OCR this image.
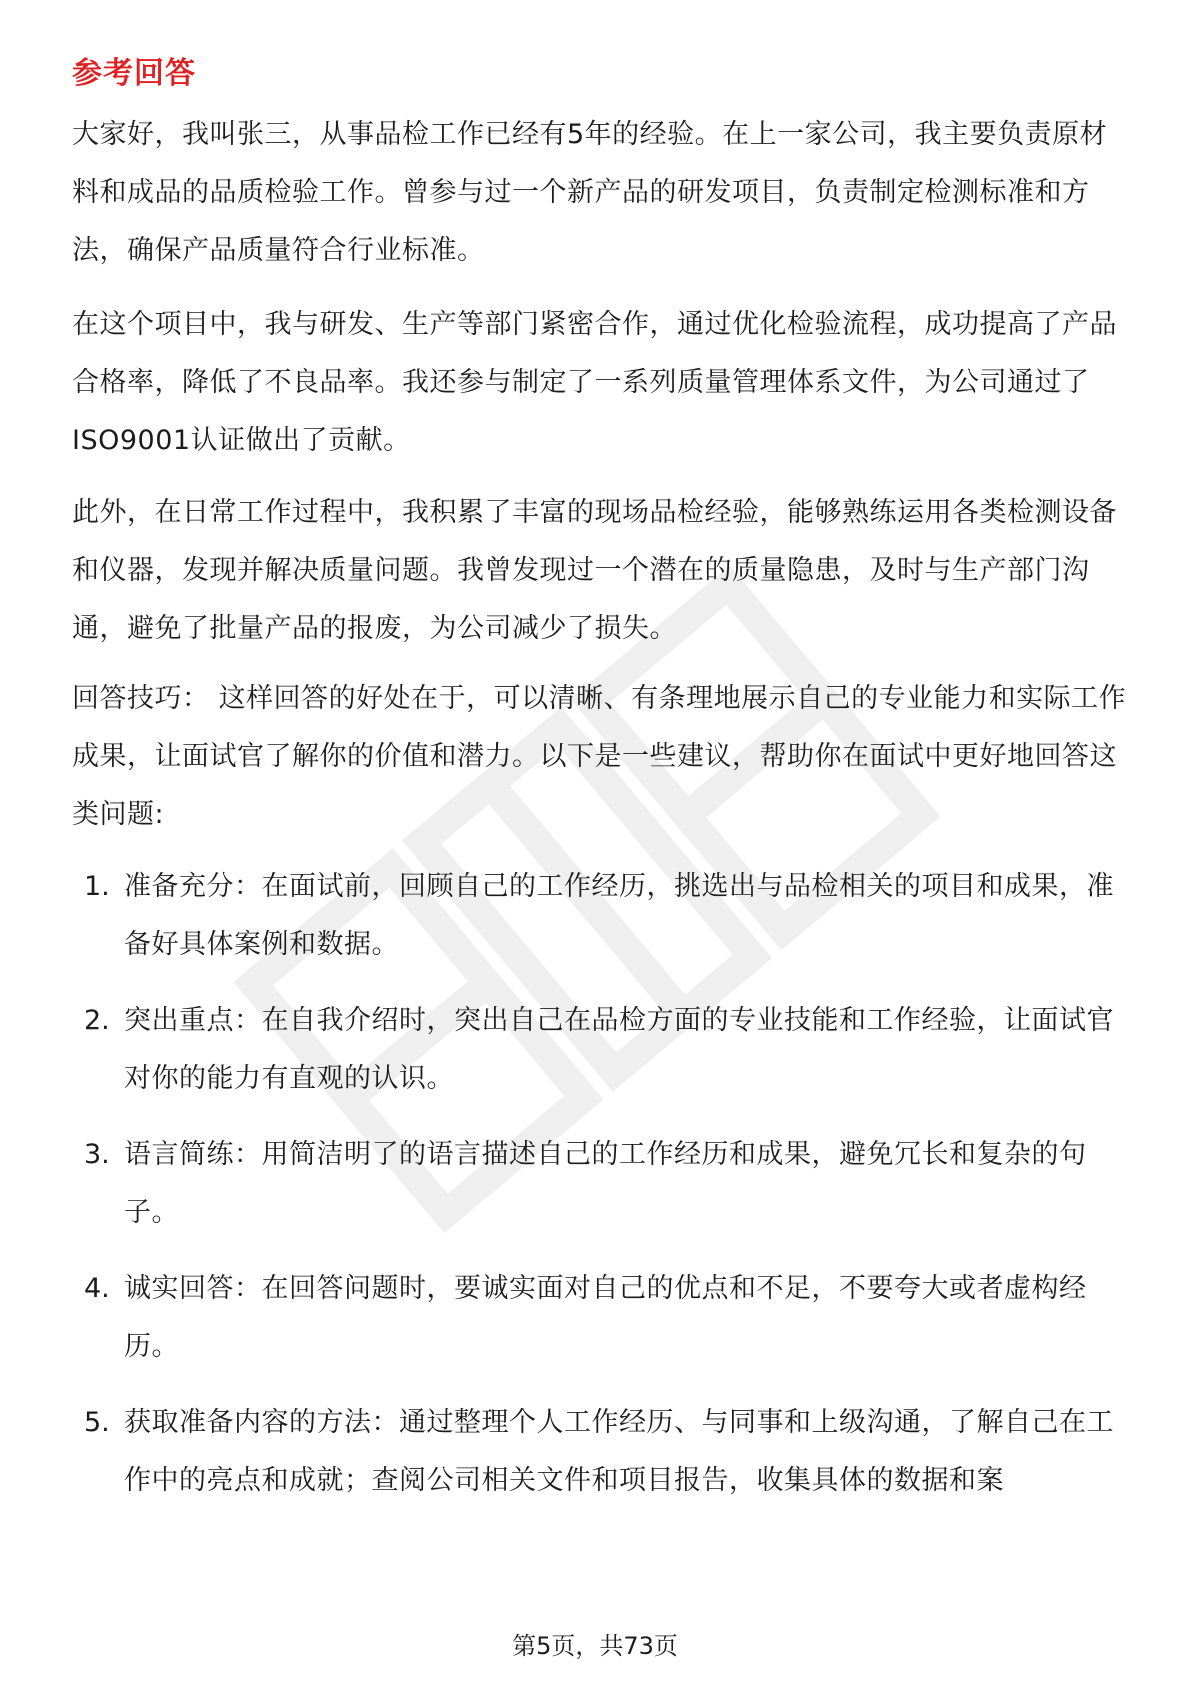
参考回答
大家好，我叫张三，从事品检工作已经有5年的经验。在上一家公司，我主要负责原材料和成品的品质检验工作。曾参与过一个新产品的研发项目，负责制定检测标准和方法，确保产品质量符合行业标准。
在这个项目中，我与研发、生产等部门紧密合作，通过优化检验流程，成功提高了产品合格率，降低了不良品率。我还参与制定了一系列质量管理体系文件，为公司通过了ISO9001认证做出了贡献。
此外，在日常工作过程中，我积累了丰富的现场品检经验，能够熟练运用各类检测设备和仪器，发现并解决质量问题。我曾发现过一个潜在的质量隐患，及时与生产部门沟通，避免了批量产品的报废，为公司减少了损失。
回答技巧： 这样回答的好处在于，可以清晰、有条理地展示自己的专业能力和实际工作成果，让面试官了解你的价值和潜力。以下是一些建议，帮助你在面试中更好地回答这类问题:
1. 准备充分：在面试前，回顾自己的工作经历，挑选出与品检相关的项目和成果，准备好具体案例和数据。
2. 突出重点：在自我介绍时，突出自己在品检方面的专业技能和工作经验，让面试官对你的能力有直观的认识。
3. 语言简练：用简洁明了的语言描述自己的工作经历和成果，避免冗长和复杂的句子。
4. 诚实回答：在回答问题时，要诚实面对自己的优点和不足，不要夸大或者虚构经历。
5. 获取准备内容的方法：通过整理个人工作经历、与同事和上级沟通，了解自己在工作中的亮点和成就；查阅公司相关文件和项目报告，收集具体的数据和案
第5页，共73页
